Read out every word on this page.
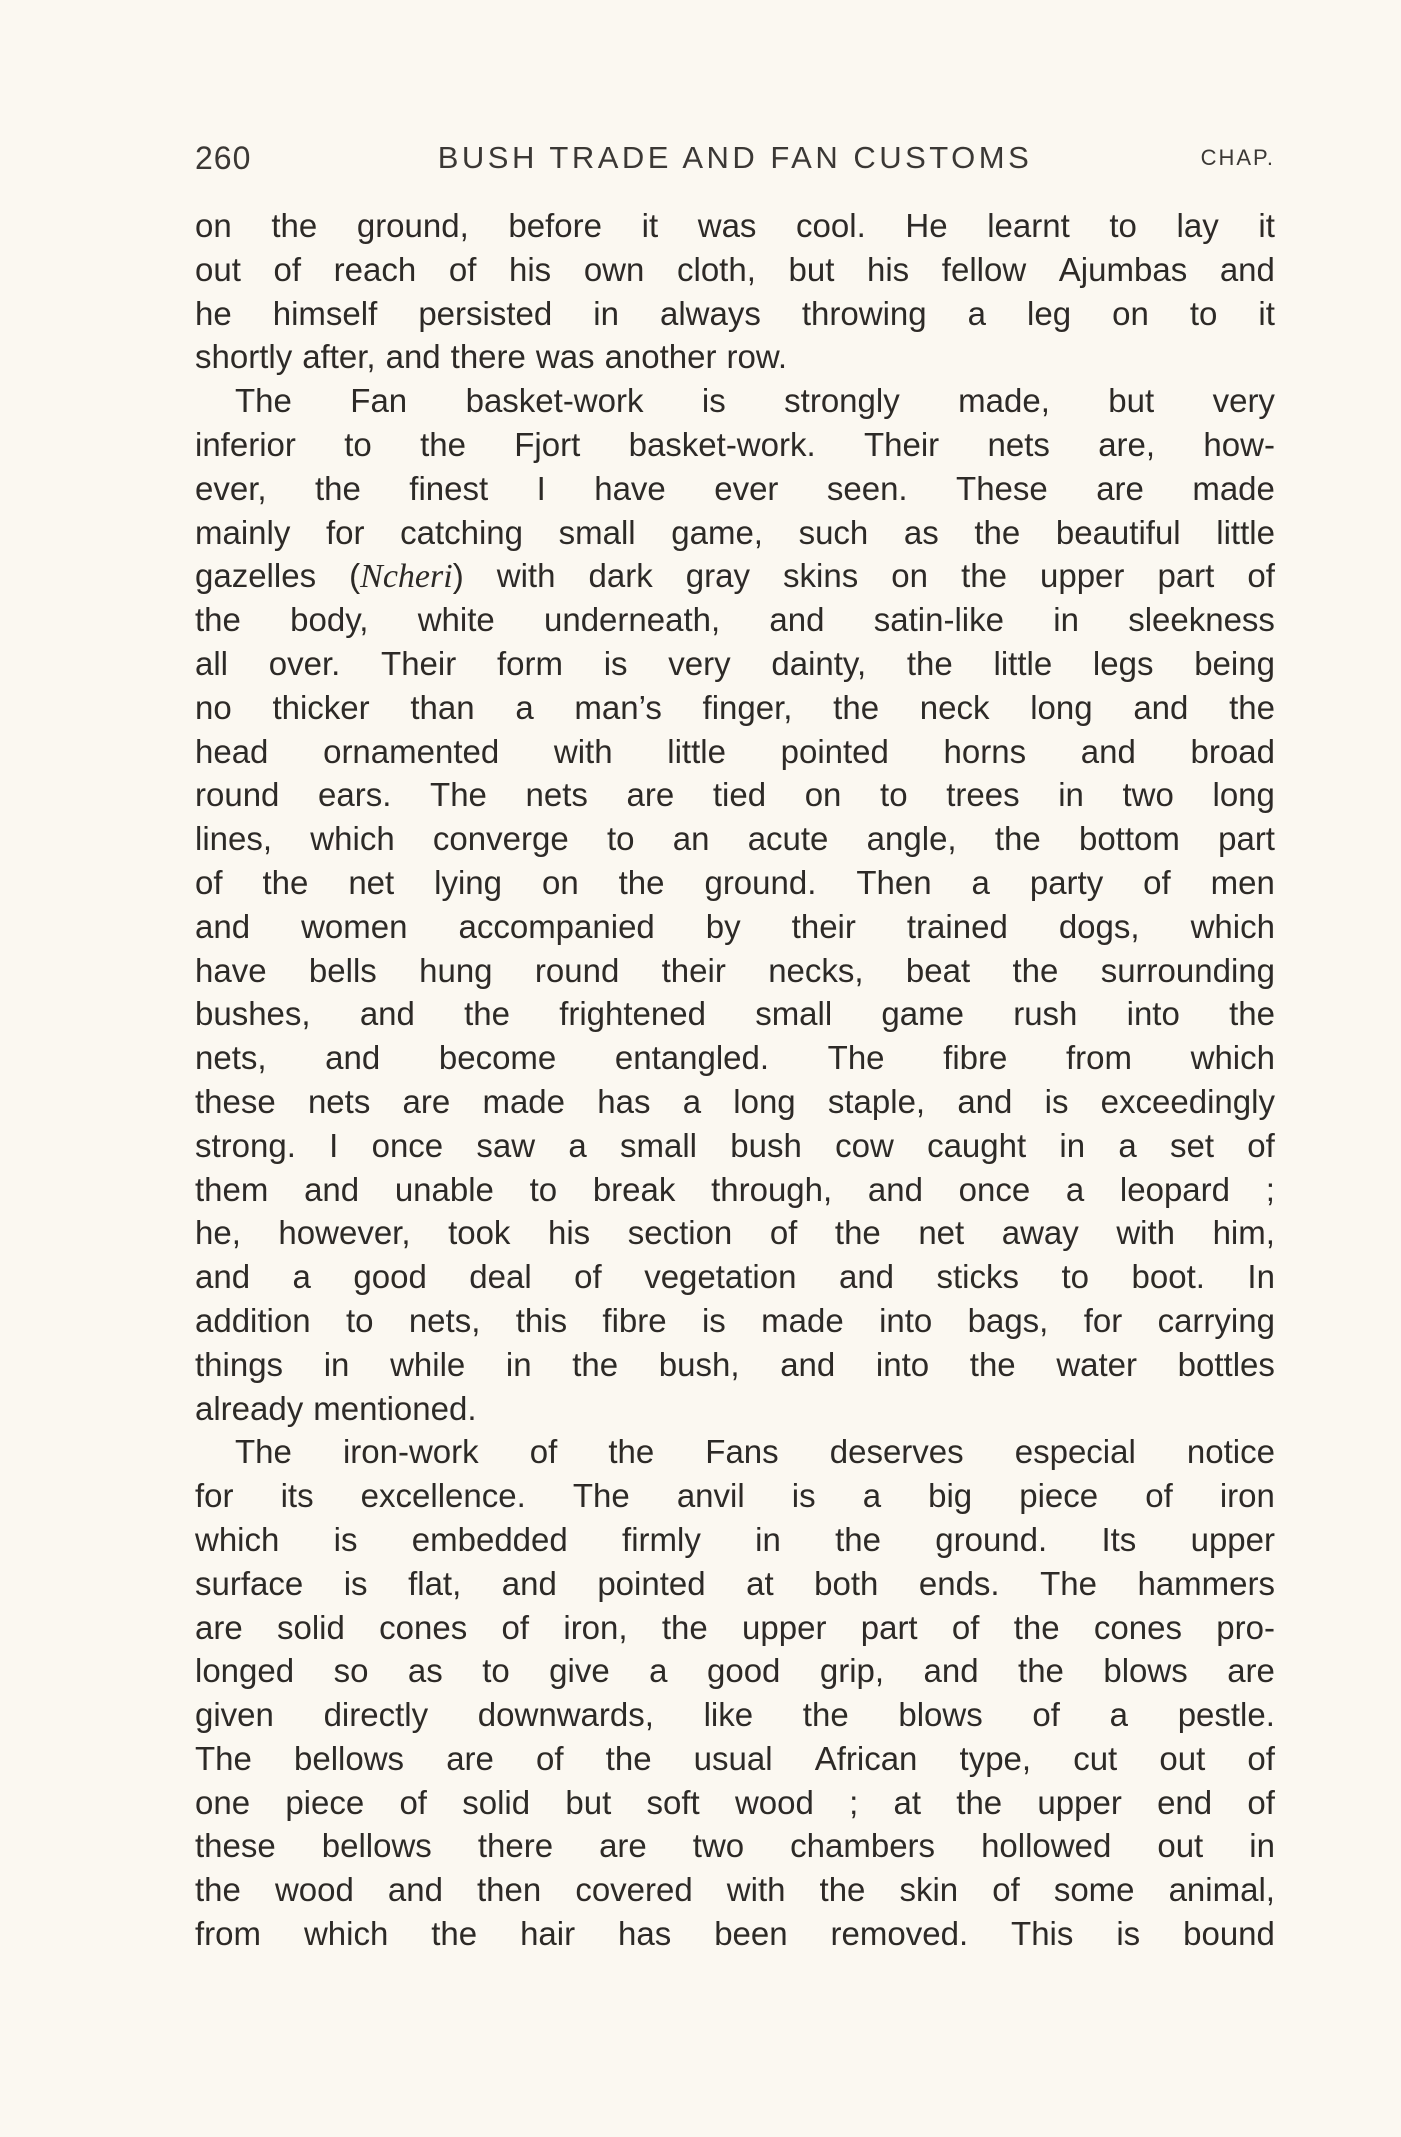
260	BUSH TRADE AND FAN CUSTOMS	CHAP.
on the ground, before it was cool. He learnt to lay it
out of reach of his own cloth, but his fellow Ajumbas and
he himself persisted in always throwing a leg on to it
shortly after, and there was another row.
The Fan basket-work is strongly made, but very
inferior to the Fjort basket-work. Their nets are, how-
ever, the finest I have ever seen. These are made
mainly for catching small game, such as the beautiful little
gazelles (Ncheri) with dark gray skins on the upper part of
the body, white underneath, and satin-like in sleekness
all over. Their form is very dainty, the little legs being
no thicker than a man’s finger, the neck long and the
head ornamented with little pointed horns and broad
round ears. The nets are tied on to trees in two long
lines, which converge to an acute angle, the bottom part
of the net lying on the ground. Then a party of men
and women accompanied by their trained dogs, which
have bells hung round their necks, beat the surrounding
bushes, and the frightened small game rush into the
nets, and become entangled. The fibre from which
these nets are made has a long staple, and is exceedingly
strong. I once saw a small bush cow caught in a set of
them and unable to break through, and once a leopard ;
he, however, took his section of the net away with him,
and a good deal of vegetation and sticks to boot. In
addition to nets, this fibre is made into bags, for carrying
things in while in the bush, and into the water bottles
already mentioned.
The iron-work of the Fans deserves especial notice
for its excellence. The anvil is a big piece of iron
which is embedded firmly in the ground. Its upper
surface is flat, and pointed at both ends. The hammers
are solid cones of iron, the upper part of the cones pro-
longed so as to give a good grip, and the blows are
given directly downwards, like the blows of a pestle.
The bellows are of the usual African type, cut out of
one piece of solid but soft wood ; at the upper end of
these bellows there are two chambers hollowed out in
the wood and then covered with the skin of some animal,
from which the hair has been removed. This is bound
